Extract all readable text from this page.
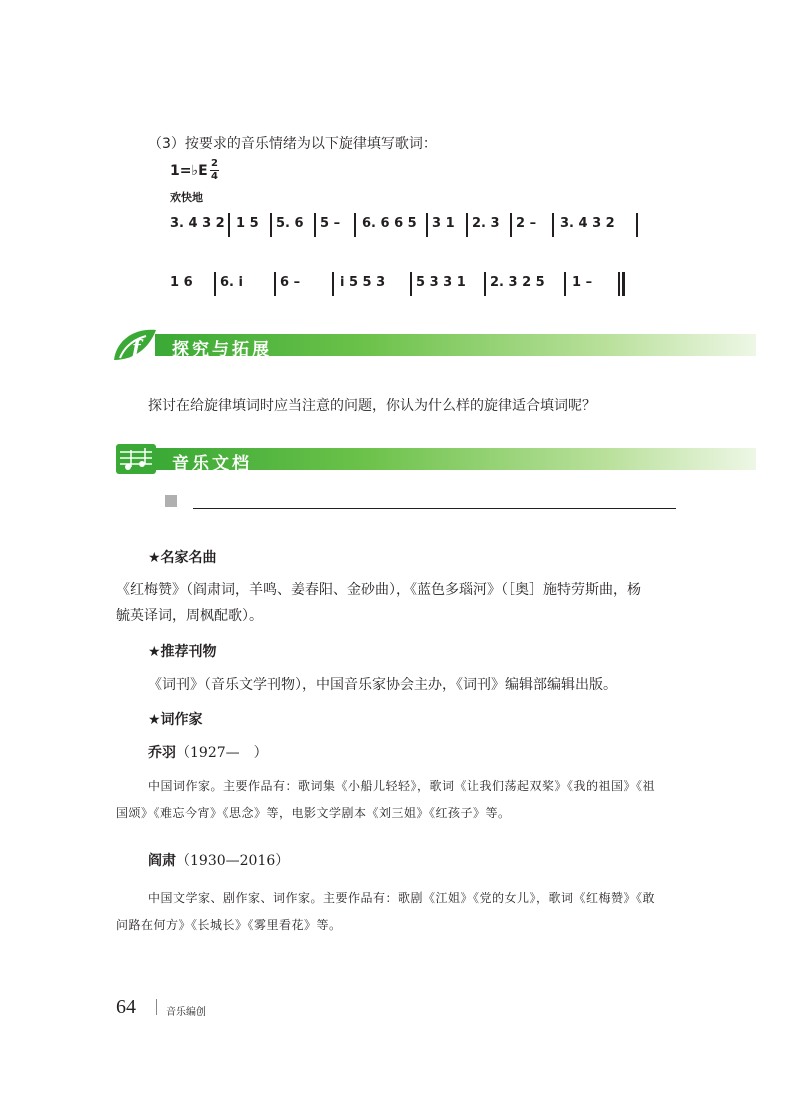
（3）按要求的音乐情绪为以下旋律填写歌词：
1=♭E 2
4
欢快地
3. 4 3 2 1 5 5. 6 5 – 6. 6 6 5 3 1 2. 3 2 – 3. 4 3 2
1 6 6. i	6 –	i 5 5 3 5 3 3 1 2. 3 2 5 1 –
f 探究与拓展
探讨在给旋律填词时应当注意的问题，你认为什么样的旋律适合填词呢？
音乐文档
★名家名曲
《红梅赞》（阎肃词，羊鸣、姜春阳、金砂曲），《蓝色多瑙河》（［奥］施特劳斯曲，杨
毓英译词，周枫配歌）。
★推荐刊物
《词刊》（音乐文学刊物），中国音乐家协会主办，《词刊》编辑部编辑出版。
★词作家
乔羽（1927—　）
中国词作家。主要作品有：歌词集《小船儿轻轻》，歌词《让我们荡起双桨》《我的祖国》《祖
国颂》《难忘今宵》《思念》等，电影文学剧本《刘三姐》《红孩子》等。
阎肃（1930—2016）
中国文学家、剧作家、词作家。主要作品有：歌剧《江姐》《党的女儿》，歌词《红梅赞》《敢
问路在何方》《长城长》《雾里看花》等。
64	音乐编创
